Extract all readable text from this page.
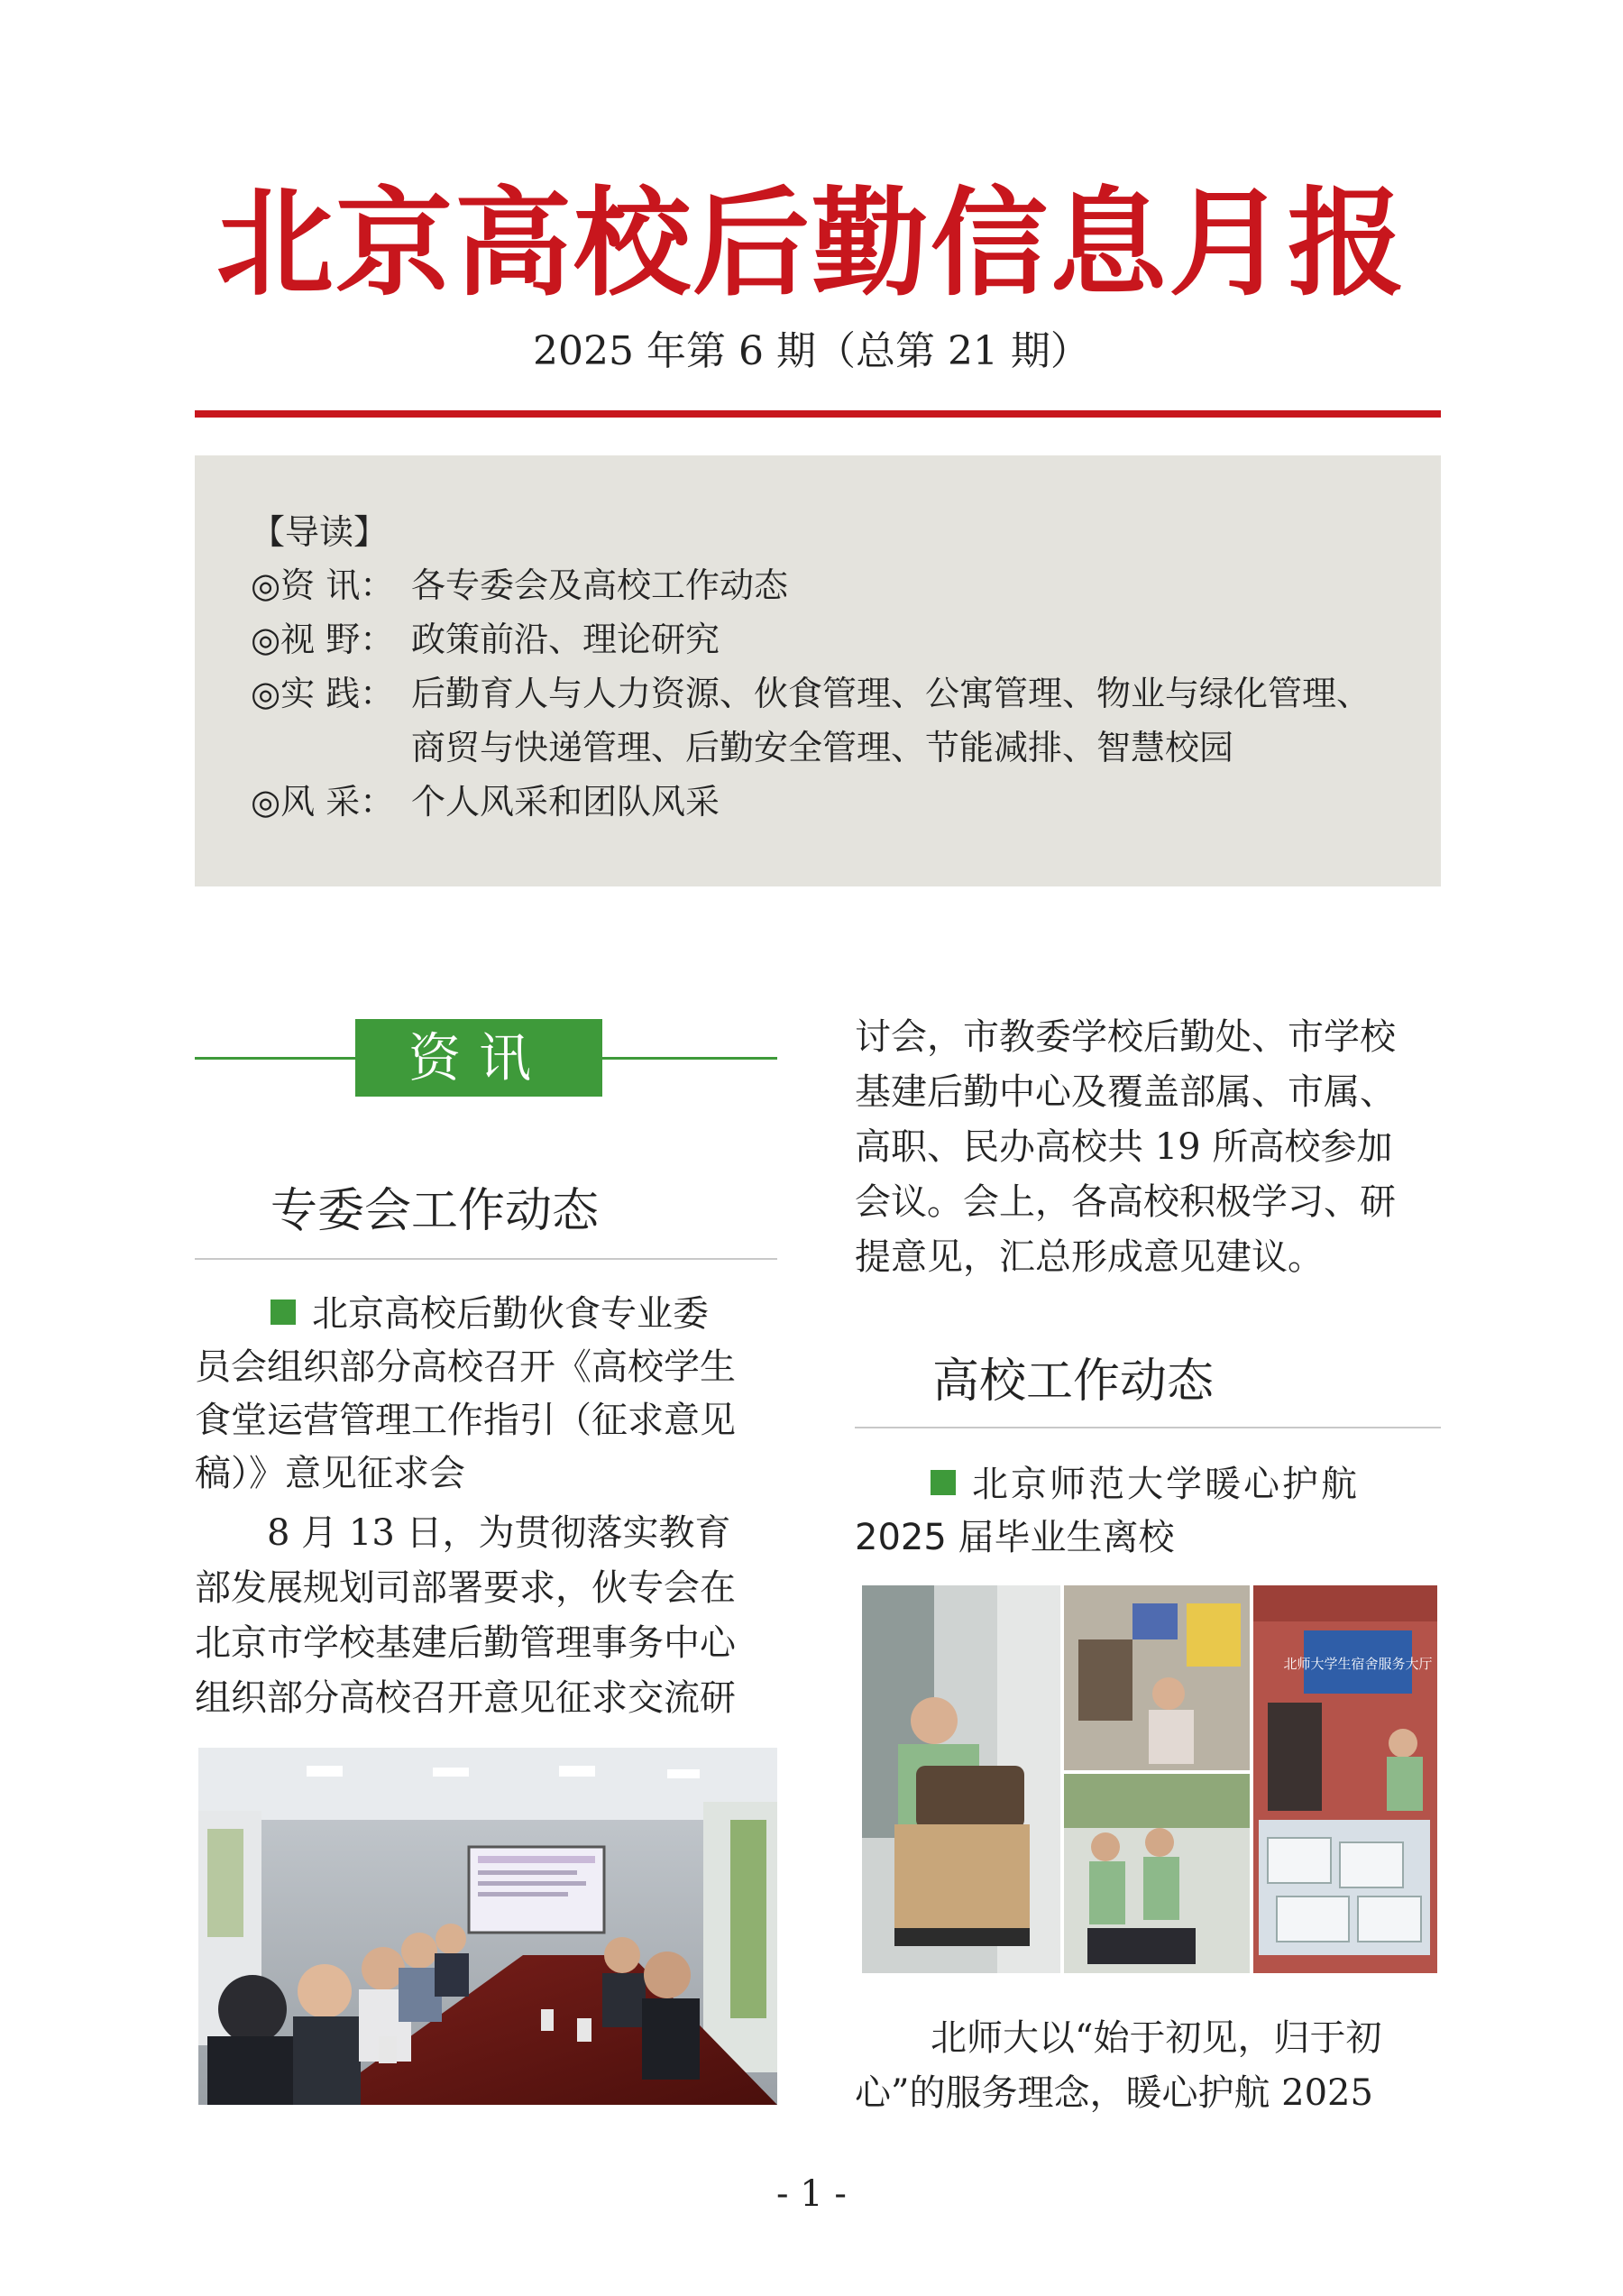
北京高校后勤信息月报
2025 年第 6 期（总第 21 期）
【导读】
◎资 讯： 各专委会及高校工作动态
◎视 野： 政策前沿、理论研究
◎实 践： 后勤育人与人力资源、伙食管理、公寓管理、物业与绿化管理、
商贸与快递管理、后勤安全管理、节能减排、智慧校园
◎风 采： 个人风采和团队风采
资讯
专委会工作动态
北京高校后勤伙食专业委
员会组织部分高校召开《高校学生
食堂运营管理工作指引（征求意见
稿）》意见征求会
8 月 13 日，为贯彻落实教育
部发展规划司部署要求，伙专会在
北京市学校基建后勤管理事务中心
组织部分高校召开意见征求交流研
讨会，市教委学校后勤处、市学校
基建后勤中心及覆盖部属、市属、
高职、民办高校共 19 所高校参加
会议。会上，各高校积极学习、研
提意见，汇总形成意见建议。
高校工作动态
北京师范大学暖心护航
2025 届毕业生离校
北师大学生宿舍服务大厅
北师大以“始于初见，归于初
心”的服务理念，暖心护航 2025
- 1 -
